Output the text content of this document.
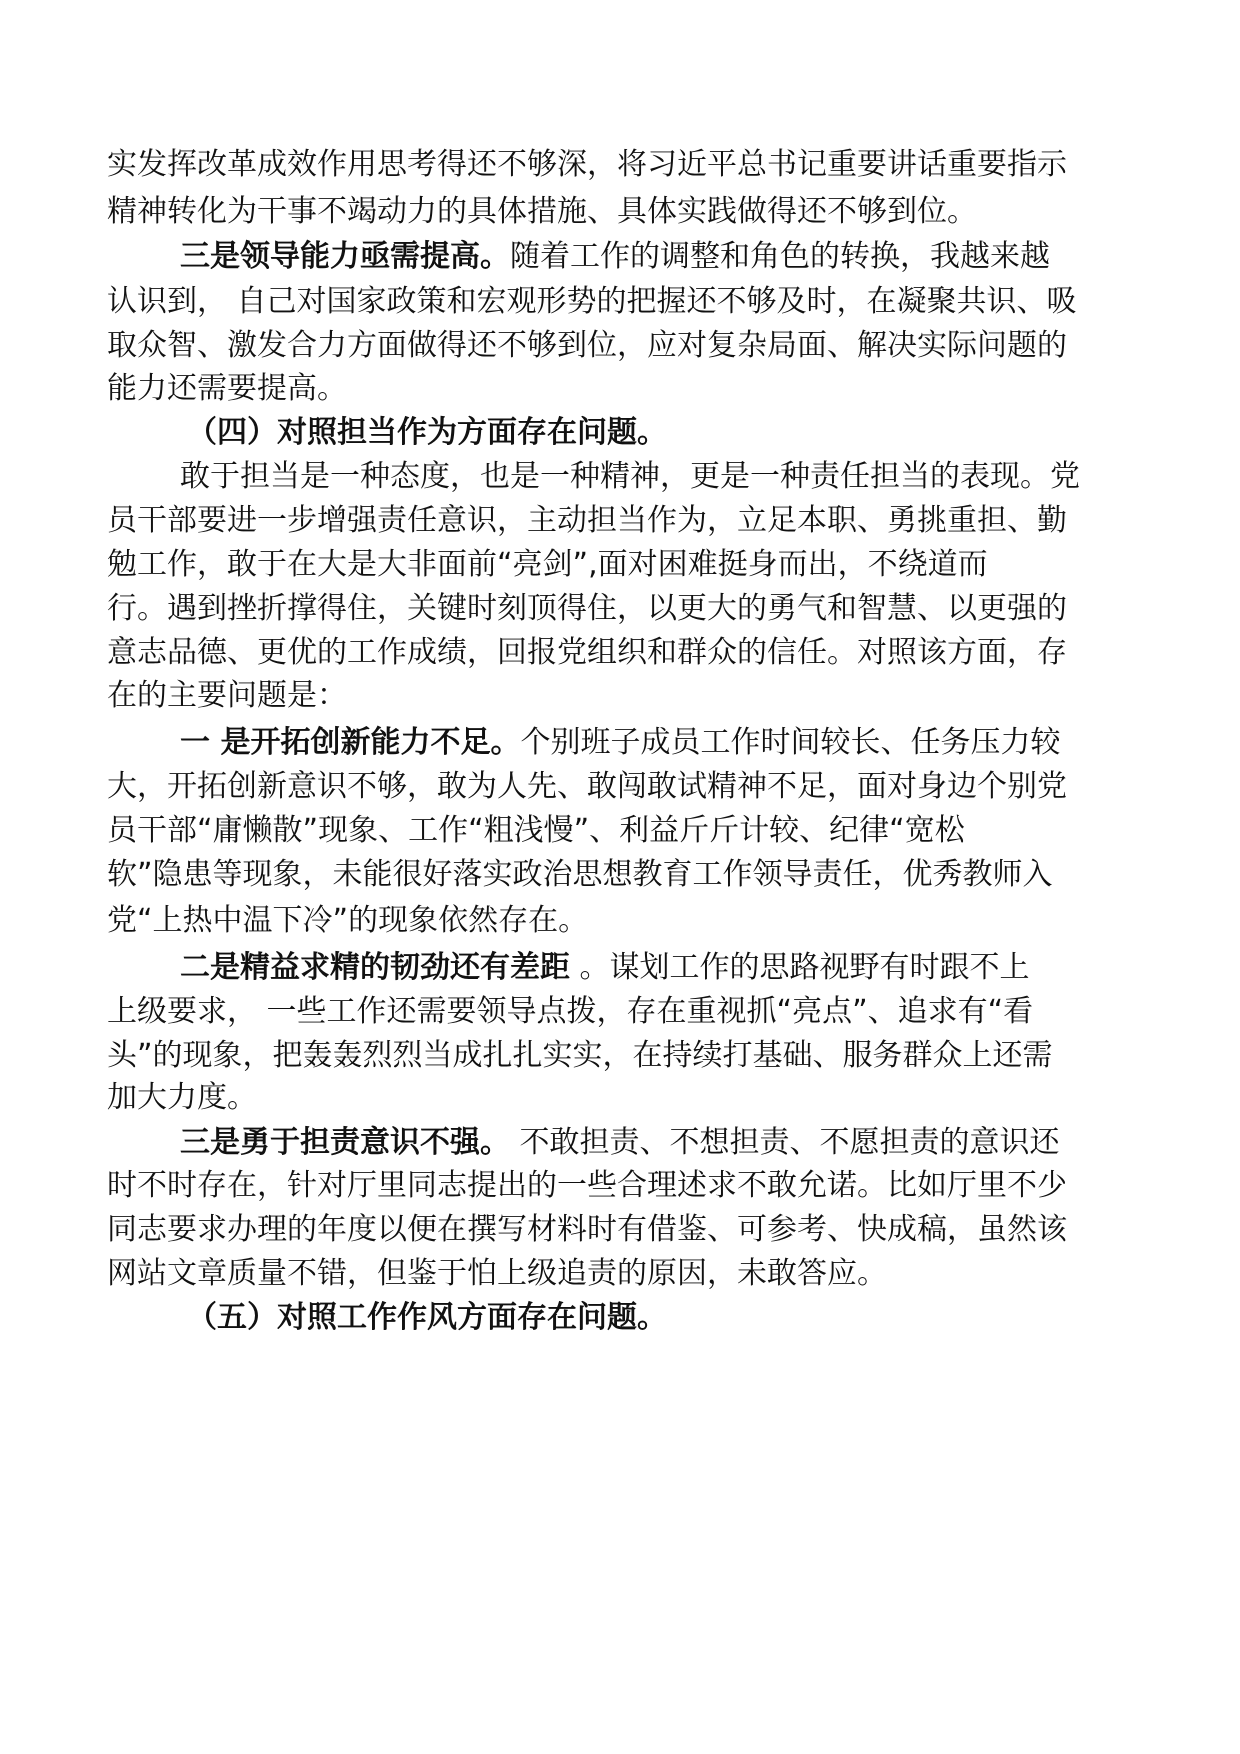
实发挥改革成效作用思考得还不够深，将习近平总书记重要讲话重要指示
精神转化为干事不竭动力的具体措施、具体实践做得还不够到位。
三是领导能力亟需提高。随着工作的调整和角色的转换，我越来越
认识到， 自己对国家政策和宏观形势的把握还不够及时，在凝聚共识、吸
取众智、激发合力方面做得还不够到位，应对复杂局面、解决实际问题的
能力还需要提高。
（四）对照担当作为方面存在问题。
敢于担当是一种态度，也是一种精神，更是一种责任担当的表现。党
员干部要进一步增强责任意识，主动担当作为，立足本职、勇挑重担、勤
勉工作，敢于在大是大非面前“亮剑”,面对困难挺身而出，不绕道而
行。遇到挫折撑得住，关键时刻顶得住，以更大的勇气和智慧、以更强的
意志品德、更优的工作成绩，回报党组织和群众的信任。对照该方面，存
在的主要问题是：
一 是开拓创新能力不足。个别班子成员工作时间较长、任务压力较
大，开拓创新意识不够，敢为人先、敢闯敢试精神不足，面对身边个别党
员干部“庸懒散”现象、工作“粗浅慢”、利益斤斤计较、纪律“宽松
软”隐患等现象，未能很好落实政治思想教育工作领导责任，优秀教师入
党“上热中温下冷”的现象依然存在。
二是精益求精的韧劲还有差距 。谋划工作的思路视野有时跟不上
上级要求， 一些工作还需要领导点拨，存在重视抓“亮点”、追求有“看
头”的现象，把轰轰烈烈当成扎扎实实，在持续打基础、服务群众上还需
加大力度。
三是勇于担责意识不强。 不敢担责、不想担责、不愿担责的意识还
时不时存在，针对厅里同志提出的一些合理述求不敢允诺。比如厅里不少
同志要求办理的年度以便在撰写材料时有借鉴、可参考、快成稿，虽然该
网站文章质量不错，但鉴于怕上级追责的原因，未敢答应。
（五）对照工作作风方面存在问题。
